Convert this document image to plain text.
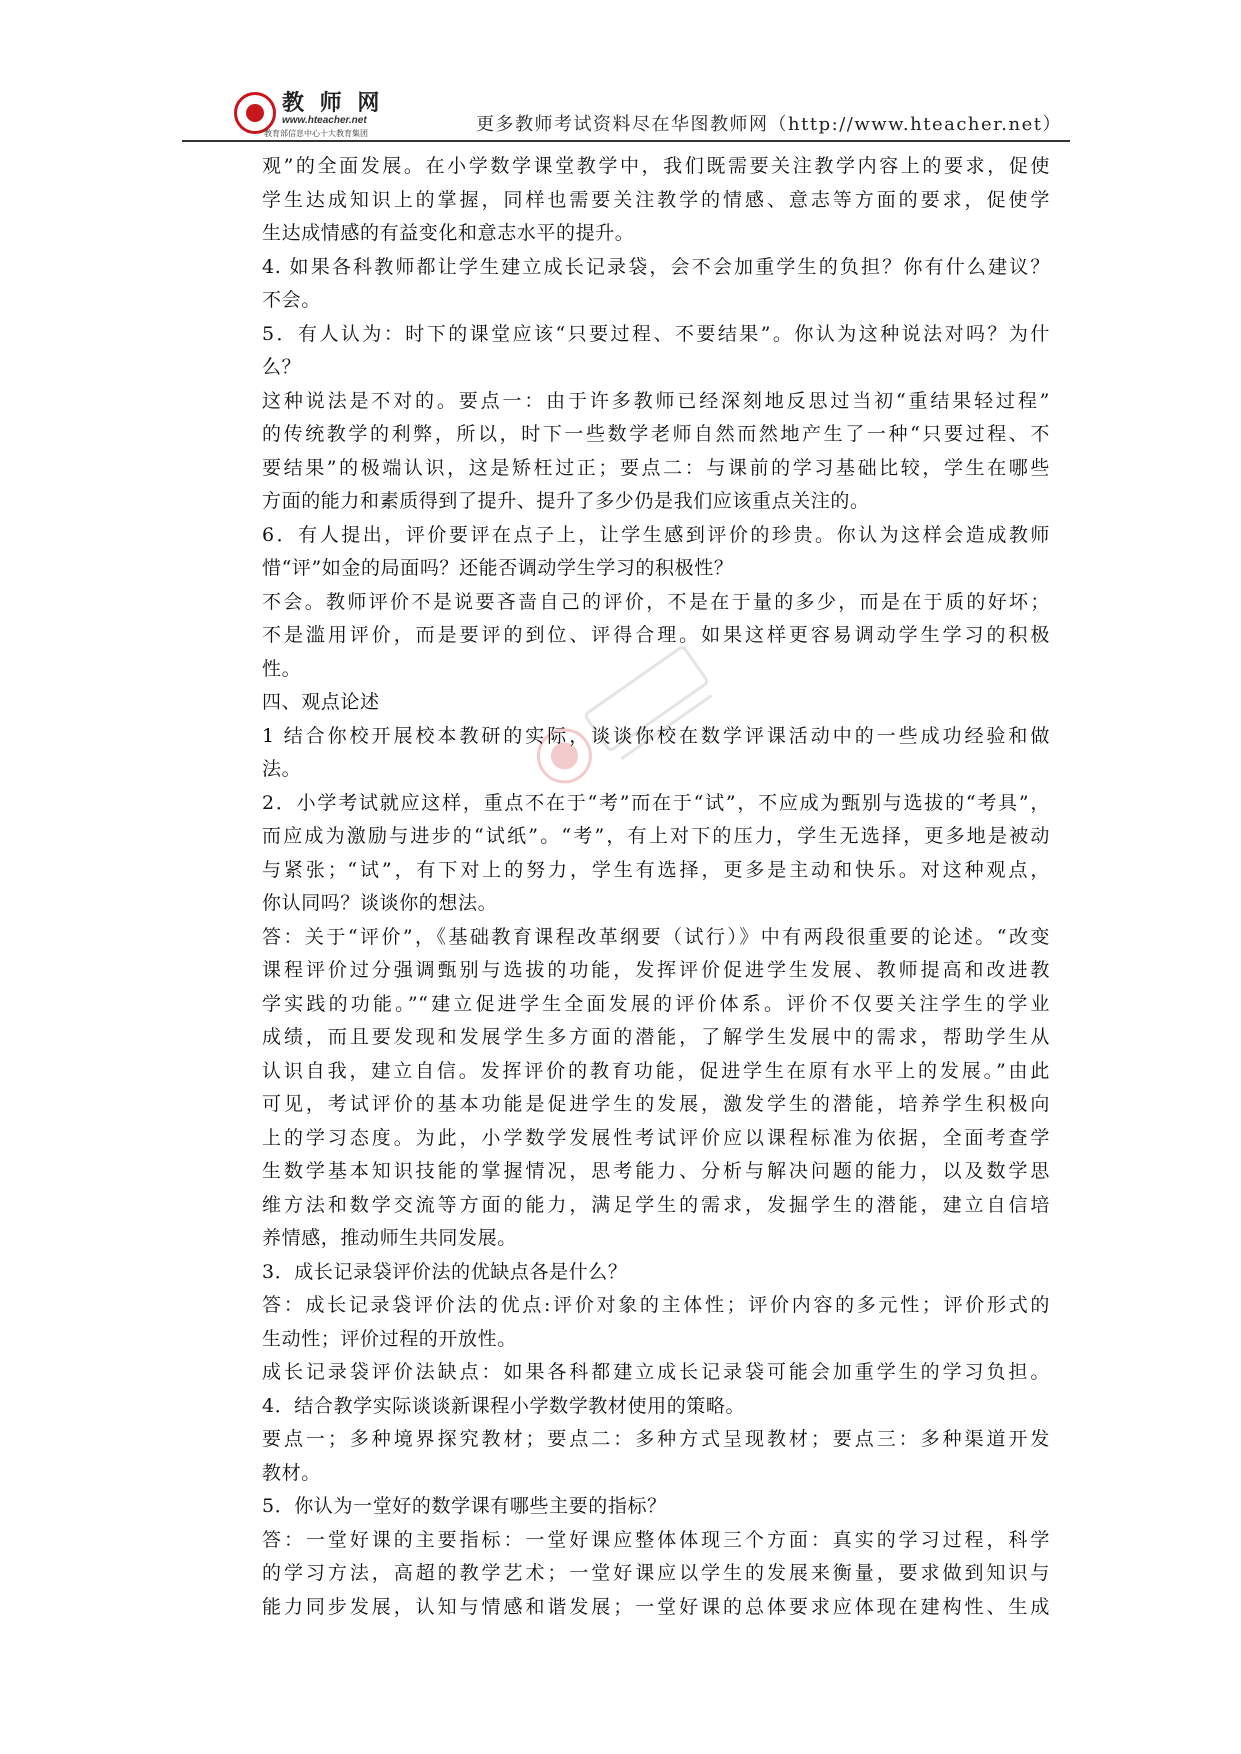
教 师 网
www.hteacher.net
教育部信息中心十大教育集团	更多教师考试资料尽在华图教师网（http://www.hteacher.net）
观”的全面发展。在小学数学课堂教学中，我们既需要关注教学内容上的要求，促使
学生达成知识上的掌握，同样也需要关注教学的情感、意志等方面的要求，促使学
生达成情感的有益变化和意志水平的提升。
4. 如果各科教师都让学生建立成长记录袋，会不会加重学生的负担？你有什么建议？
不会。
5．有人认为：时下的课堂应该“只要过程、不要结果”。你认为这种说法对吗？为什
么？
这种说法是不对的。要点一：由于许多教师已经深刻地反思过当初“重结果轻过程”
的传统教学的利弊，所以，时下一些数学老师自然而然地产生了一种“只要过程、不
要结果”的极端认识，这是矫枉过正；要点二：与课前的学习基础比较，学生在哪些
方面的能力和素质得到了提升、提升了多少仍是我们应该重点关注的。
6．有人提出，评价要评在点子上，让学生感到评价的珍贵。你认为这样会造成教师
惜“评”如金的局面吗？还能否调动学生学习的积极性？
不会。教师评价不是说要吝啬自己的评价，不是在于量的多少，而是在于质的好坏；
不是滥用评价，而是要评的到位、评得合理。如果这样更容易调动学生学习的积极
性。
四、观点论述
1 结合你校开展校本教研的实际，谈谈你校在数学评课活动中的一些成功经验和做
法。
2．小学考试就应这样，重点不在于“考”而在于“试”，不应成为甄别与选拔的“考具”，
而应成为激励与进步的“试纸”。“考”，有上对下的压力，学生无选择，更多地是被动
与紧张；“试”，有下对上的努力，学生有选择，更多是主动和快乐。对这种观点，
你认同吗？谈谈你的想法。
答：关于“评价”，《基础教育课程改革纲要（试行）》中有两段很重要的论述。“改变
课程评价过分强调甄别与选拔的功能，发挥评价促进学生发展、教师提高和改进教
学实践的功能。”“建立促进学生全面发展的评价体系。评价不仅要关注学生的学业
成绩，而且要发现和发展学生多方面的潜能，了解学生发展中的需求，帮助学生从
认识自我，建立自信。发挥评价的教育功能，促进学生在原有水平上的发展。”由此
可见，考试评价的基本功能是促进学生的发展，激发学生的潜能，培养学生积极向
上的学习态度。为此，小学数学发展性考试评价应以课程标准为依据，全面考查学
生数学基本知识技能的掌握情况，思考能力、分析与解决问题的能力，以及数学思
维方法和数学交流等方面的能力，满足学生的需求，发掘学生的潜能，建立自信培
养情感，推动师生共同发展。
3．成长记录袋评价法的优缺点各是什么？
答：成长记录袋评价法的优点:评价对象的主体性；评价内容的多元性；评价形式的
生动性；评价过程的开放性。
成长记录袋评价法缺点：如果各科都建立成长记录袋可能会加重学生的学习负担。
4．结合教学实际谈谈新课程小学数学教材使用的策略。
要点一；多种境界探究教材；要点二：多种方式呈现教材；要点三：多种渠道开发
教材。
5．你认为一堂好的数学课有哪些主要的指标？
答：一堂好课的主要指标：一堂好课应整体体现三个方面：真实的学习过程，科学
的学习方法，高超的教学艺术；一堂好课应以学生的发展来衡量，要求做到知识与
能力同步发展，认知与情感和谐发展；一堂好课的总体要求应体现在建构性、生成
